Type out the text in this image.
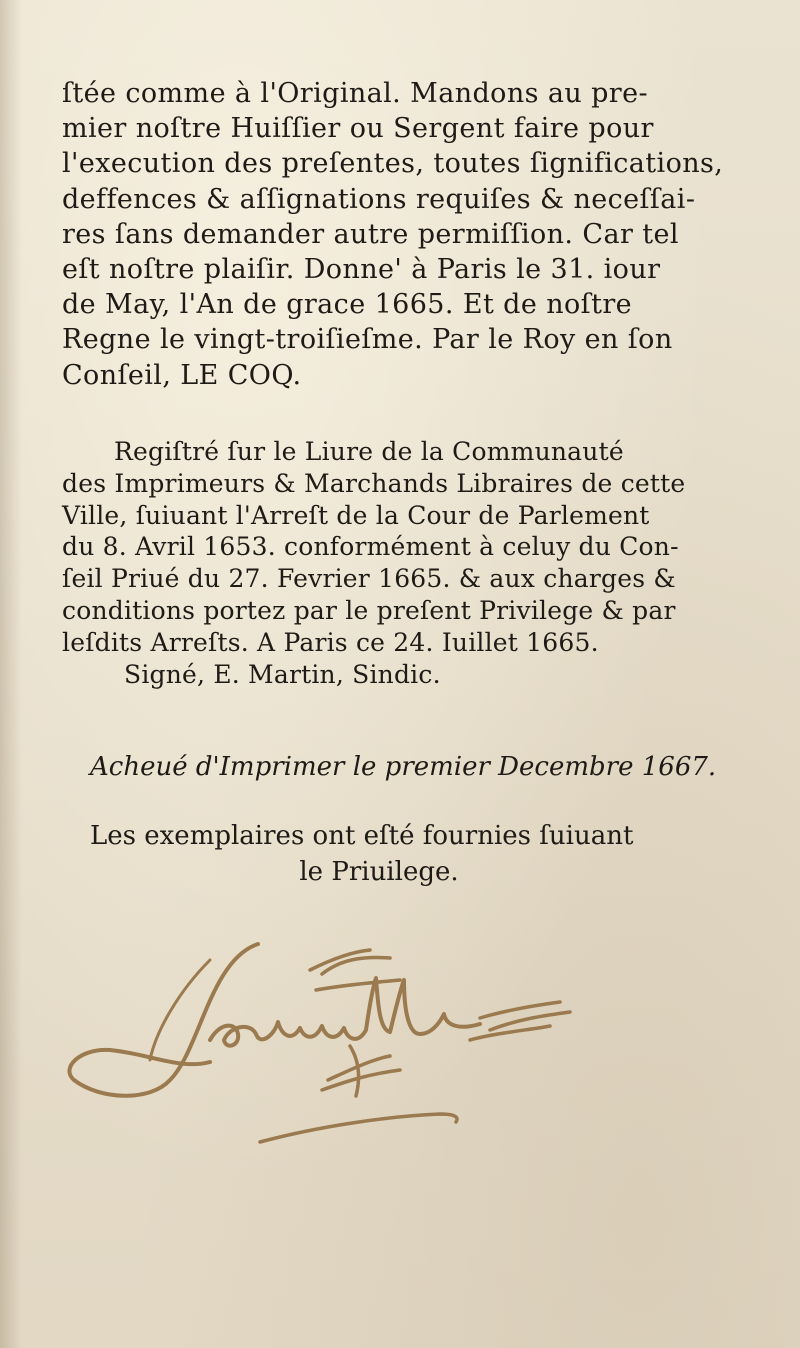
ſtée comme à l'Original. Mandons au pre-
mier noſtre Huiſſier ou Sergent faire pour
l'execution des preſentes, toutes ſignifications,
deffences & aſſignations requiſes & neceſſai-
res ſans demander autre permiſſion. Car tel
eſt noſtre plaiſir. Donne' à Paris le 31. iour
de May, l'An de grace 1665. Et de noſtre
Regne le vingt-troiſieſme. Par le Roy en ſon
Conſeil, LE COQ.
Regiſtré ſur le Liure de la Communauté
des Imprimeurs & Marchands Libraires de cette
Ville, ſuiuant l'Arreſt de la Cour de Parlement
du 8. Avril 1653. conformément à celuy du Con-
ſeil Priué du 27. Fevrier 1665. & aux charges &
conditions portez par le preſent Privilege & par
leſdits Arreſts. A Paris ce 24. Iuillet 1665.
Signé, E. Martin, Sindic.
Acheué d'Imprimer le premier Decembre 1667.
Les exemplaires ont eſté fournies ſuiuant
le Priuilege.
